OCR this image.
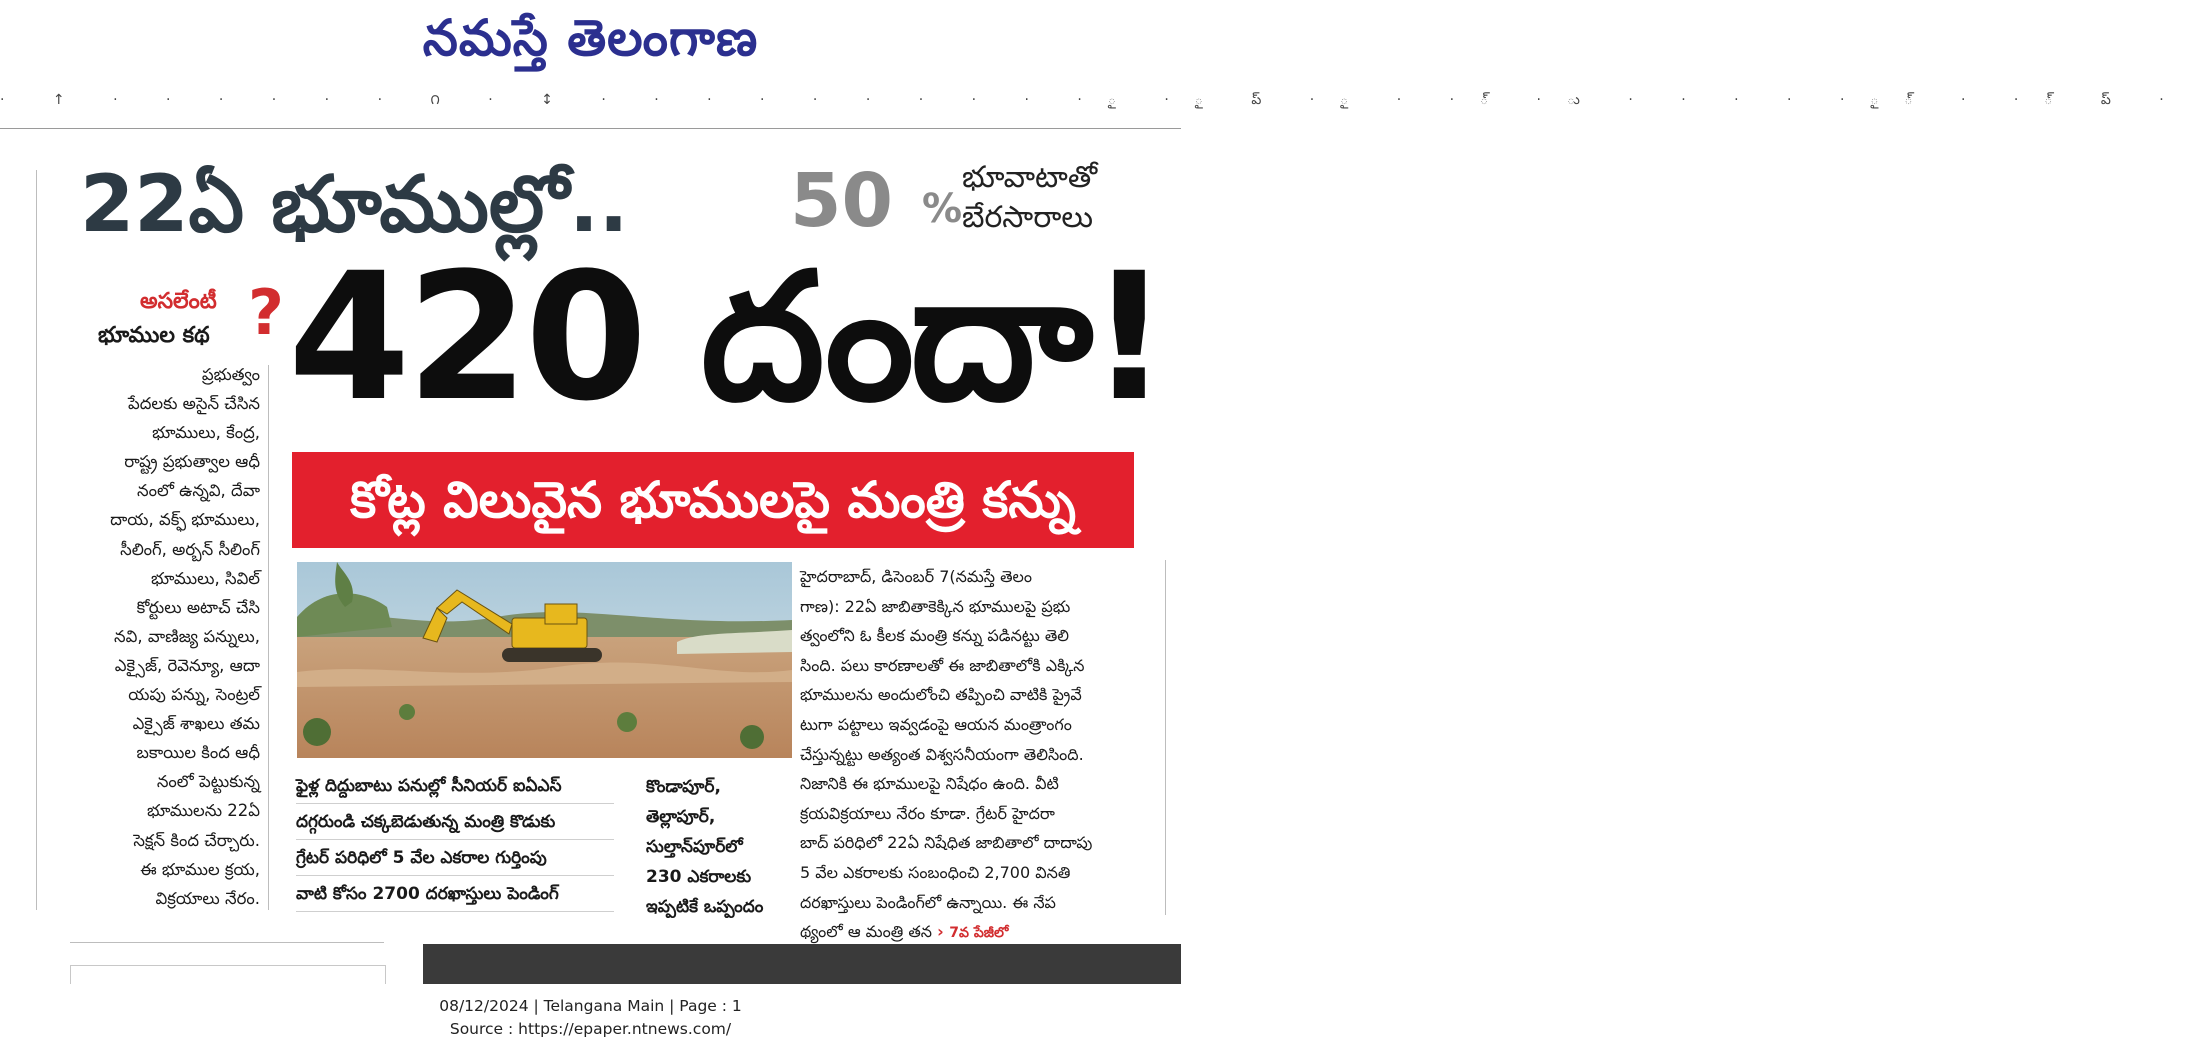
నమస్తే తెలంగాణ
· ↑ · · · · · · ౧ · ↕ · · · · · · · · · · ౖ · ౖ ప్ · ౖ · · ్ · ు · · · · · ౖ ్ · · ్ ప్ ·
22ఏ భూముల్లో.. 50 %
భూవాటాతో
బేరసారాలు
420 దందా!
కోట్ల విలువైన భూములపై మంత్రి కన్ను
అసలేంటీ
భూముల కథ ?

ప్రభుత్వం

పేదలకు అసైన్ చేసిన

భూములు, కేంద్ర,

రాష్ట్ర ప్రభుత్వాల ఆధీ

నంలో ఉన్నవి, దేవా

దాయ, వక్ఫ్ భూములు,

సీలింగ్, అర్బన్ సీలింగ్

భూములు, సివిల్

కోర్టులు అటాచ్ చేసి

నవి, వాణిజ్య పన్నులు,

ఎక్సైజ్, రెవెన్యూ, ఆదా

యపు పన్ను, సెంట్రల్

ఎక్సైజ్ శాఖలు తమ

బకాయిల కింద ఆధీ

నంలో పెట్టుకున్న

భూములను 22ఏ

సెక్షన్ కింద చేర్చారు.

ఈ భూముల క్రయ,

విక్రయాలు నేరం.

ఫైళ్ల దిద్దుబాటు పనుల్లో సీనియర్ ఐఏఎస్
దగ్గరుండి చక్కబెడుతున్న మంత్రి కొడుకు
గ్రేటర్ పరిధిలో 5 వేల ఎకరాల గుర్తింపు
వాటి కోసం 2700 దరఖాస్తులు పెండింగ్

కొండాపూర్,

తెల్లాపూర్,

సుల్తాన్‌పూర్‌లో

230 ఎకరాలకు

ఇప్పటికే ఒప్పందం

హైదరాబాద్, డిసెంబర్ 7(నమస్తే తెలం

గాణ): 22ఏ జాబితాకెక్కిన భూములపై ప్రభు

త్వంలోని ఓ కీలక మంత్రి కన్ను పడినట్టు తెలి

సింది. పలు కారణాలతో ఈ జాబితాలోకి ఎక్కిన

భూములను అందులోంచి తప్పించి వాటికి ప్రైవే

టుగా పట్టాలు ఇవ్వడంపై ఆయన మంత్రాంగం

చేస్తున్నట్టు అత్యంత విశ్వసనీయంగా తెలిసింది.

నిజానికి ఈ భూములపై నిషేధం ఉంది. వీటి

క్రయవిక్రయాలు నేరం కూడా. గ్రేటర్ హైదరా

బాద్ పరిధిలో 22ఏ నిషేధిత జాబితాలో దాదాపు

5 వేల ఎకరాలకు సంబంధించి 2,700 వినతి

దరఖాస్తులు పెండింగ్‌లో ఉన్నాయి. ఈ నేప

థ్యంలో ఆ మంత్రి తన › 7వ పేజీలో

08/12/2024 | Telangana Main | Page : 1
Source : https://epaper.ntnews.com/
